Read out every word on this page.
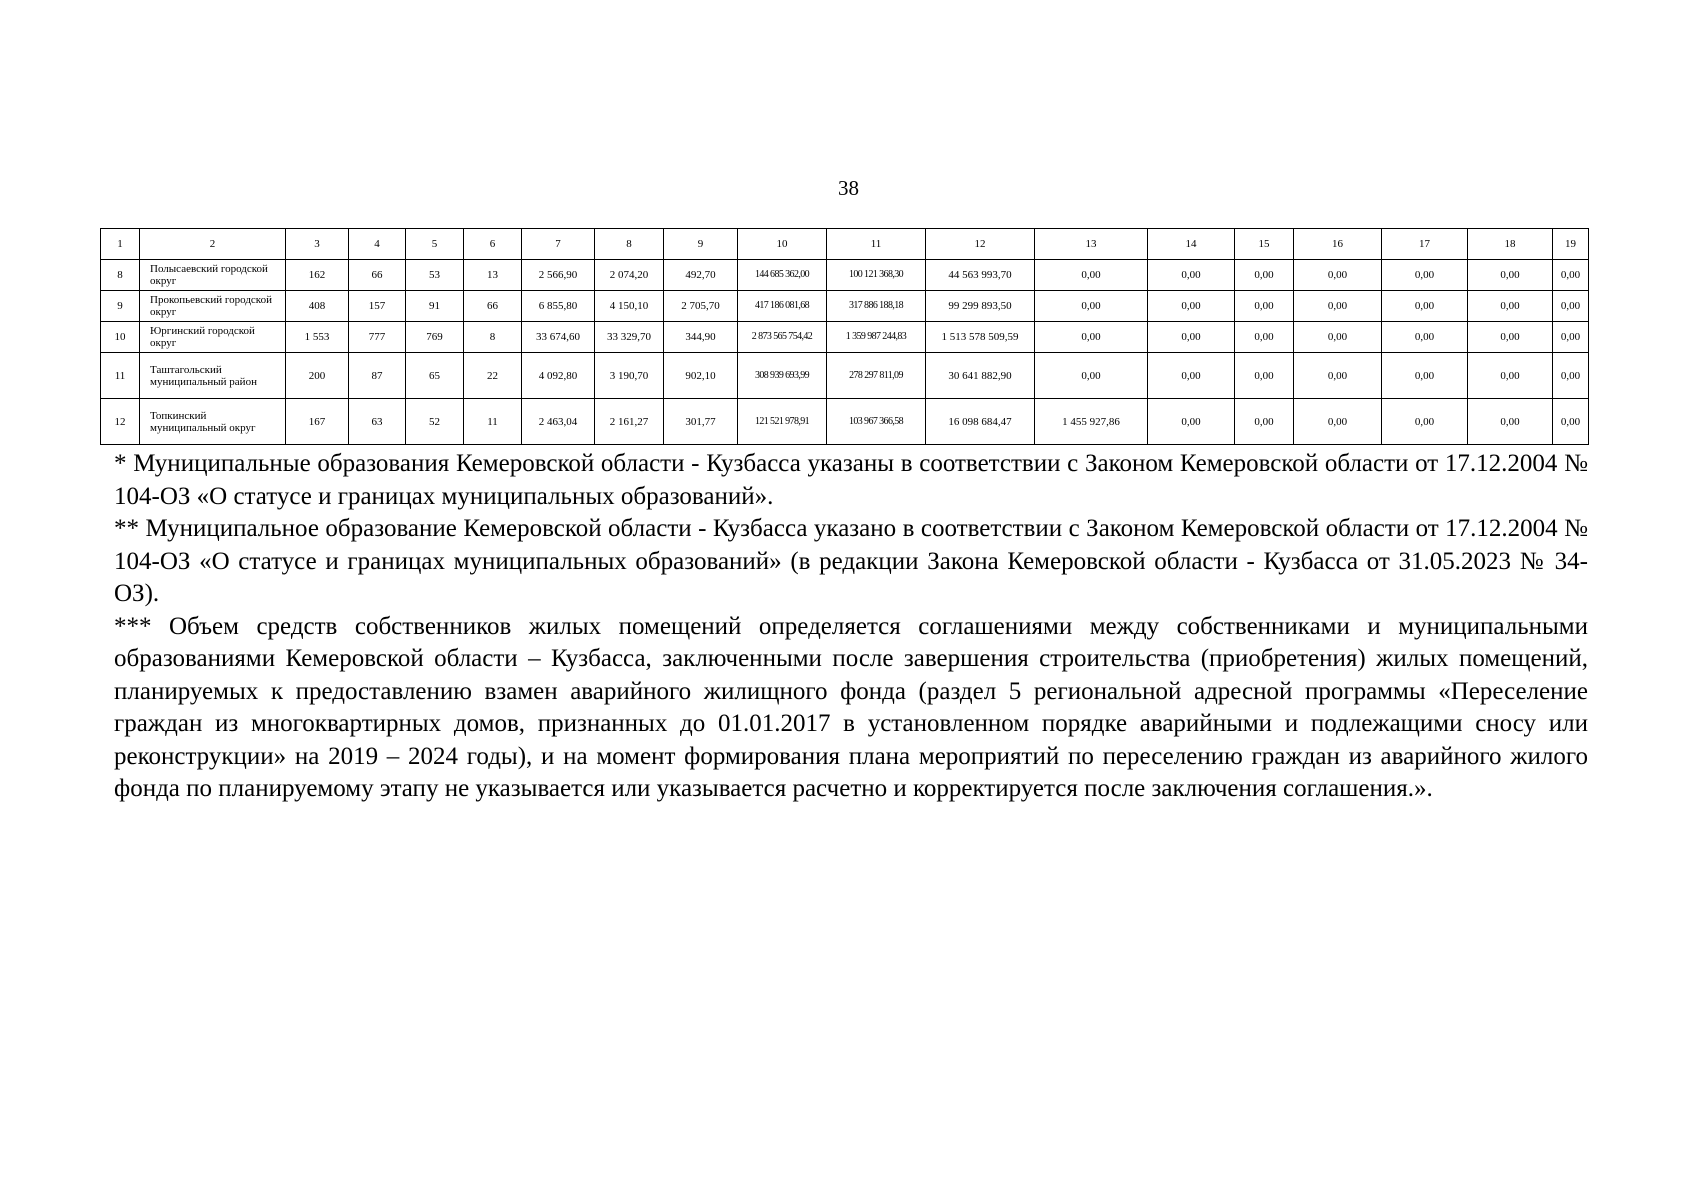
38
1	2	3	4	5	6	7	8	9	10	11	12	13	14	15	16	17	18	19
8	Полысаевский городской округ	162	66	53	13	2 566,90	2 074,20	492,70	144 685 362,00	100 121 368,30	44 563 993,70	0,00	0,00	0,00	0,00	0,00	0,00	0,00
9	Прокопьевский городской округ	408	157	91	66	6 855,80	4 150,10	2 705,70	417 186 081,68	317 886 188,18	99 299 893,50	0,00	0,00	0,00	0,00	0,00	0,00	0,00
10	Юргинский городской округ	1 553	777	769	8	33 674,60	33 329,70	344,90	2 873 565 754,42	1 359 987 244,83	1 513 578 509,59	0,00	0,00	0,00	0,00	0,00	0,00	0,00
11	Таштагольский муниципальный район	200	87	65	22	4 092,80	3 190,70	902,10	308 939 693,99	278 297 811,09	30 641 882,90	0,00	0,00	0,00	0,00	0,00	0,00	0,00
12	Топкинский муниципальный округ	167	63	52	11	2 463,04	2 161,27	301,77	121 521 978,91	103 967 366,58	16 098 684,47	1 455 927,86	0,00	0,00	0,00	0,00	0,00	0,00

* Муниципальные образования Кемеровской области - Кузбасса указаны в соответствии с Законом Кемеровской области от 17.12.2004 № 104-ОЗ «О статусе и границах муниципальных образований».

** Муниципальное образование Кемеровской области - Кузбасса указано в соответствии с Законом Кемеровской области от 17.12.2004 № 104-ОЗ «О статусе и границах муниципальных образований» (в редакции Закона Кемеровской области - Кузбасса от 31.05.2023 № 34-ОЗ).

*** Объем средств собственников жилых помещений определяется соглашениями между собственниками и муниципальными образованиями Кемеровской области – Кузбасса, заключенными после завершения строительства (приобретения) жилых помещений, планируемых к предоставлению взамен аварийного жилищного фонда (раздел 5 региональной адресной программы «Переселение граждан из многоквартирных домов, признанных до 01.01.2017 в установленном порядке аварийными и подлежащими сносу или реконструкции» на 2019 – 2024 годы), и на момент формирования плана мероприятий по переселению граждан из аварийного жилого фонда по планируемому этапу не указывается или указывается расчетно и корректируется после заключения соглашения.».
